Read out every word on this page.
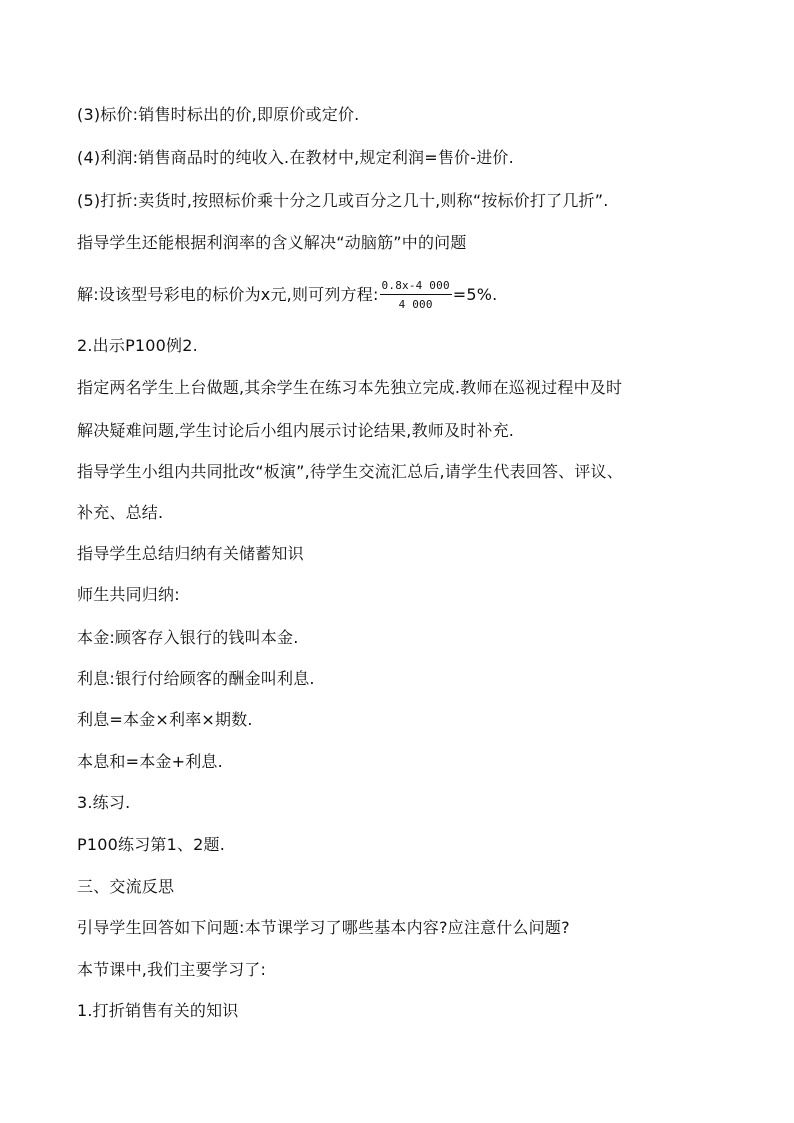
(3)标价:销售时标出的价,即原价或定价.
(4)利润:销售商品时的纯收入.在教材中,规定利润=售价-进价.
(5)打折:卖货时,按照标价乘十分之几或百分之几十,则称“按标价打了几折”.
指导学生还能根据利润率的含义解决“动脑筋”中的问题
解:设该型号彩电的标价为x元,则可列方程: $\frac{0.8x-4 000}{4 000} =5\%$.
2.出示P100例2.
指定两名学生上台做题,其余学生在练习本先独立完成.教师在巡视过程中及时
解决疑难问题,学生讨论后小组内展示讨论结果,教师及时补充.
指导学生小组内共同批改“板演”,待学生交流汇总后,请学生代表回答、评议、
补充、总结.
指导学生总结归纳有关储蓄知识
师生共同归纳:
本金:顾客存入银行的钱叫本金.
利息:银行付给顾客的酬金叫利息.
利息=本金×利率×期数.
本息和=本金+利息.
3.练习.
P100练习第1、2题.
三、交流反思
引导学生回答如下问题:本节课学习了哪些基本内容?应注意什么问题?
本节课中,我们主要学习了:
1.打折销售有关的知识
